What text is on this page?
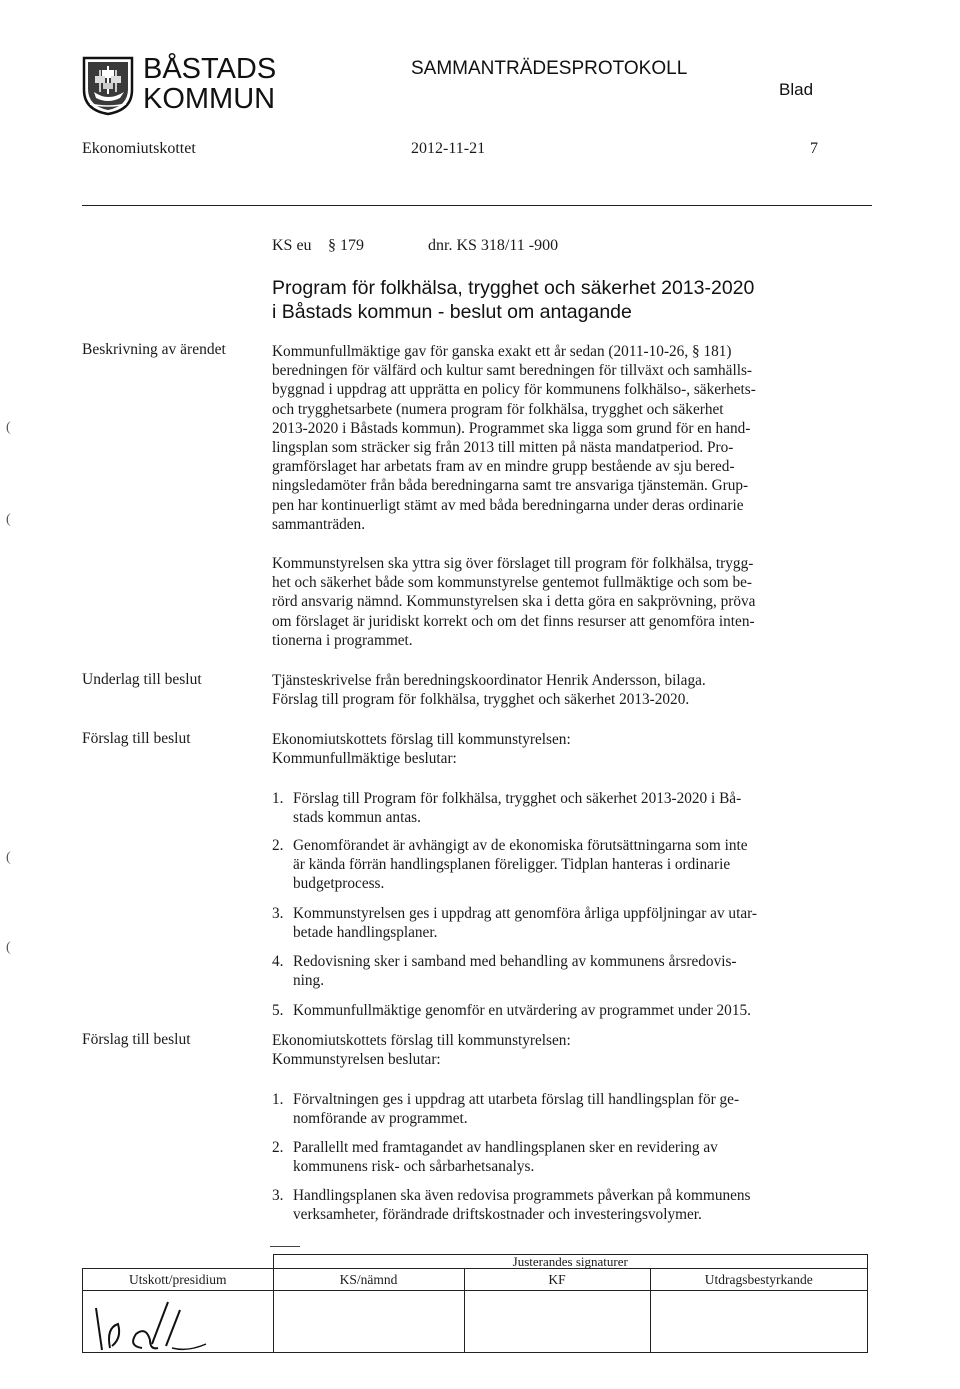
BÅSTADS
KOMMUN
SAMMANTRÄDESPROTOKOLL
Blad
Ekonomiutskottet	2012-11-21	7
KS eu § 179	dnr. KS 318/11 -900
Program för folkhälsa, trygghet och säkerhet 2013-2020
i Båstads kommun - beslut om antagande
Beskrivning av ärendet	Kommunfullmäktige gav för ganska exakt ett år sedan (2011-10-26, § 181)
beredningen för välfärd och kultur samt beredningen för tillväxt och samhälls-
byggnad i uppdrag att upprätta en policy för kommunens folkhälso-, säkerhets-
och trygghetsarbete (numera program för folkhälsa, trygghet och säkerhet
2013-2020 i Båstads kommun). Programmet ska ligga som grund för en hand-
lingsplan som sträcker sig från 2013 till mitten på nästa mandatperiod. Pro-
gramförslaget har arbetats fram av en mindre grupp bestående av sju bered-
ningsledamöter från båda beredningarna samt tre ansvariga tjänstemän. Grup-
pen har kontinuerligt stämt av med båda beredningarna under deras ordinarie
sammanträden.
Kommunstyrelsen ska yttra sig över förslaget till program för folkhälsa, trygg-
het och säkerhet både som kommunstyrelse gentemot fullmäktige och som be-
rörd ansvarig nämnd. Kommunstyrelsen ska i detta göra en sakprövning, pröva
om förslaget är juridiskt korrekt och om det finns resurser att genomföra inten-
tionerna i programmet.
Underlag till beslut	Tjänsteskrivelse från beredningskoordinator Henrik Andersson, bilaga.
Förslag till program för folkhälsa, trygghet och säkerhet 2013-2020.
Förslag till beslut	Ekonomiutskottets förslag till kommunstyrelsen:
Kommunfullmäktige beslutar:
1. Förslag till Program för folkhälsa, trygghet och säkerhet 2013-2020 i Bå-
stads kommun antas.
2. Genomförandet är avhängigt av de ekonomiska förutsättningarna som inte
är kända förrän handlingsplanen föreligger. Tidplan hanteras i ordinarie
budgetprocess.
3. Kommunstyrelsen ges i uppdrag att genomföra årliga uppföljningar av utar-
betade handlingsplaner.
4. Redovisning sker i samband med behandling av kommunens årsredovis-
ning.
5. Kommunfullmäktige genomför en utvärdering av programmet under 2015.
Förslag till beslut	Ekonomiutskottets förslag till kommunstyrelsen:
Kommunstyrelsen beslutar:
1. Förvaltningen ges i uppdrag att utarbeta förslag till handlingsplan för ge-
nomförande av programmet.
2. Parallellt med framtagandet av handlingsplanen sker en revidering av
kommunens risk- och sårbarhetsanalys.
3. Handlingsplanen ska även redovisa programmets påverkan på kommunens
verksamheter, förändrade driftskostnader och investeringsvolymer.
(
(
(
(
	Justerandes signaturer		
Utskott/presidium	KS/nämnd	KF	Utdragsbestyrkande
